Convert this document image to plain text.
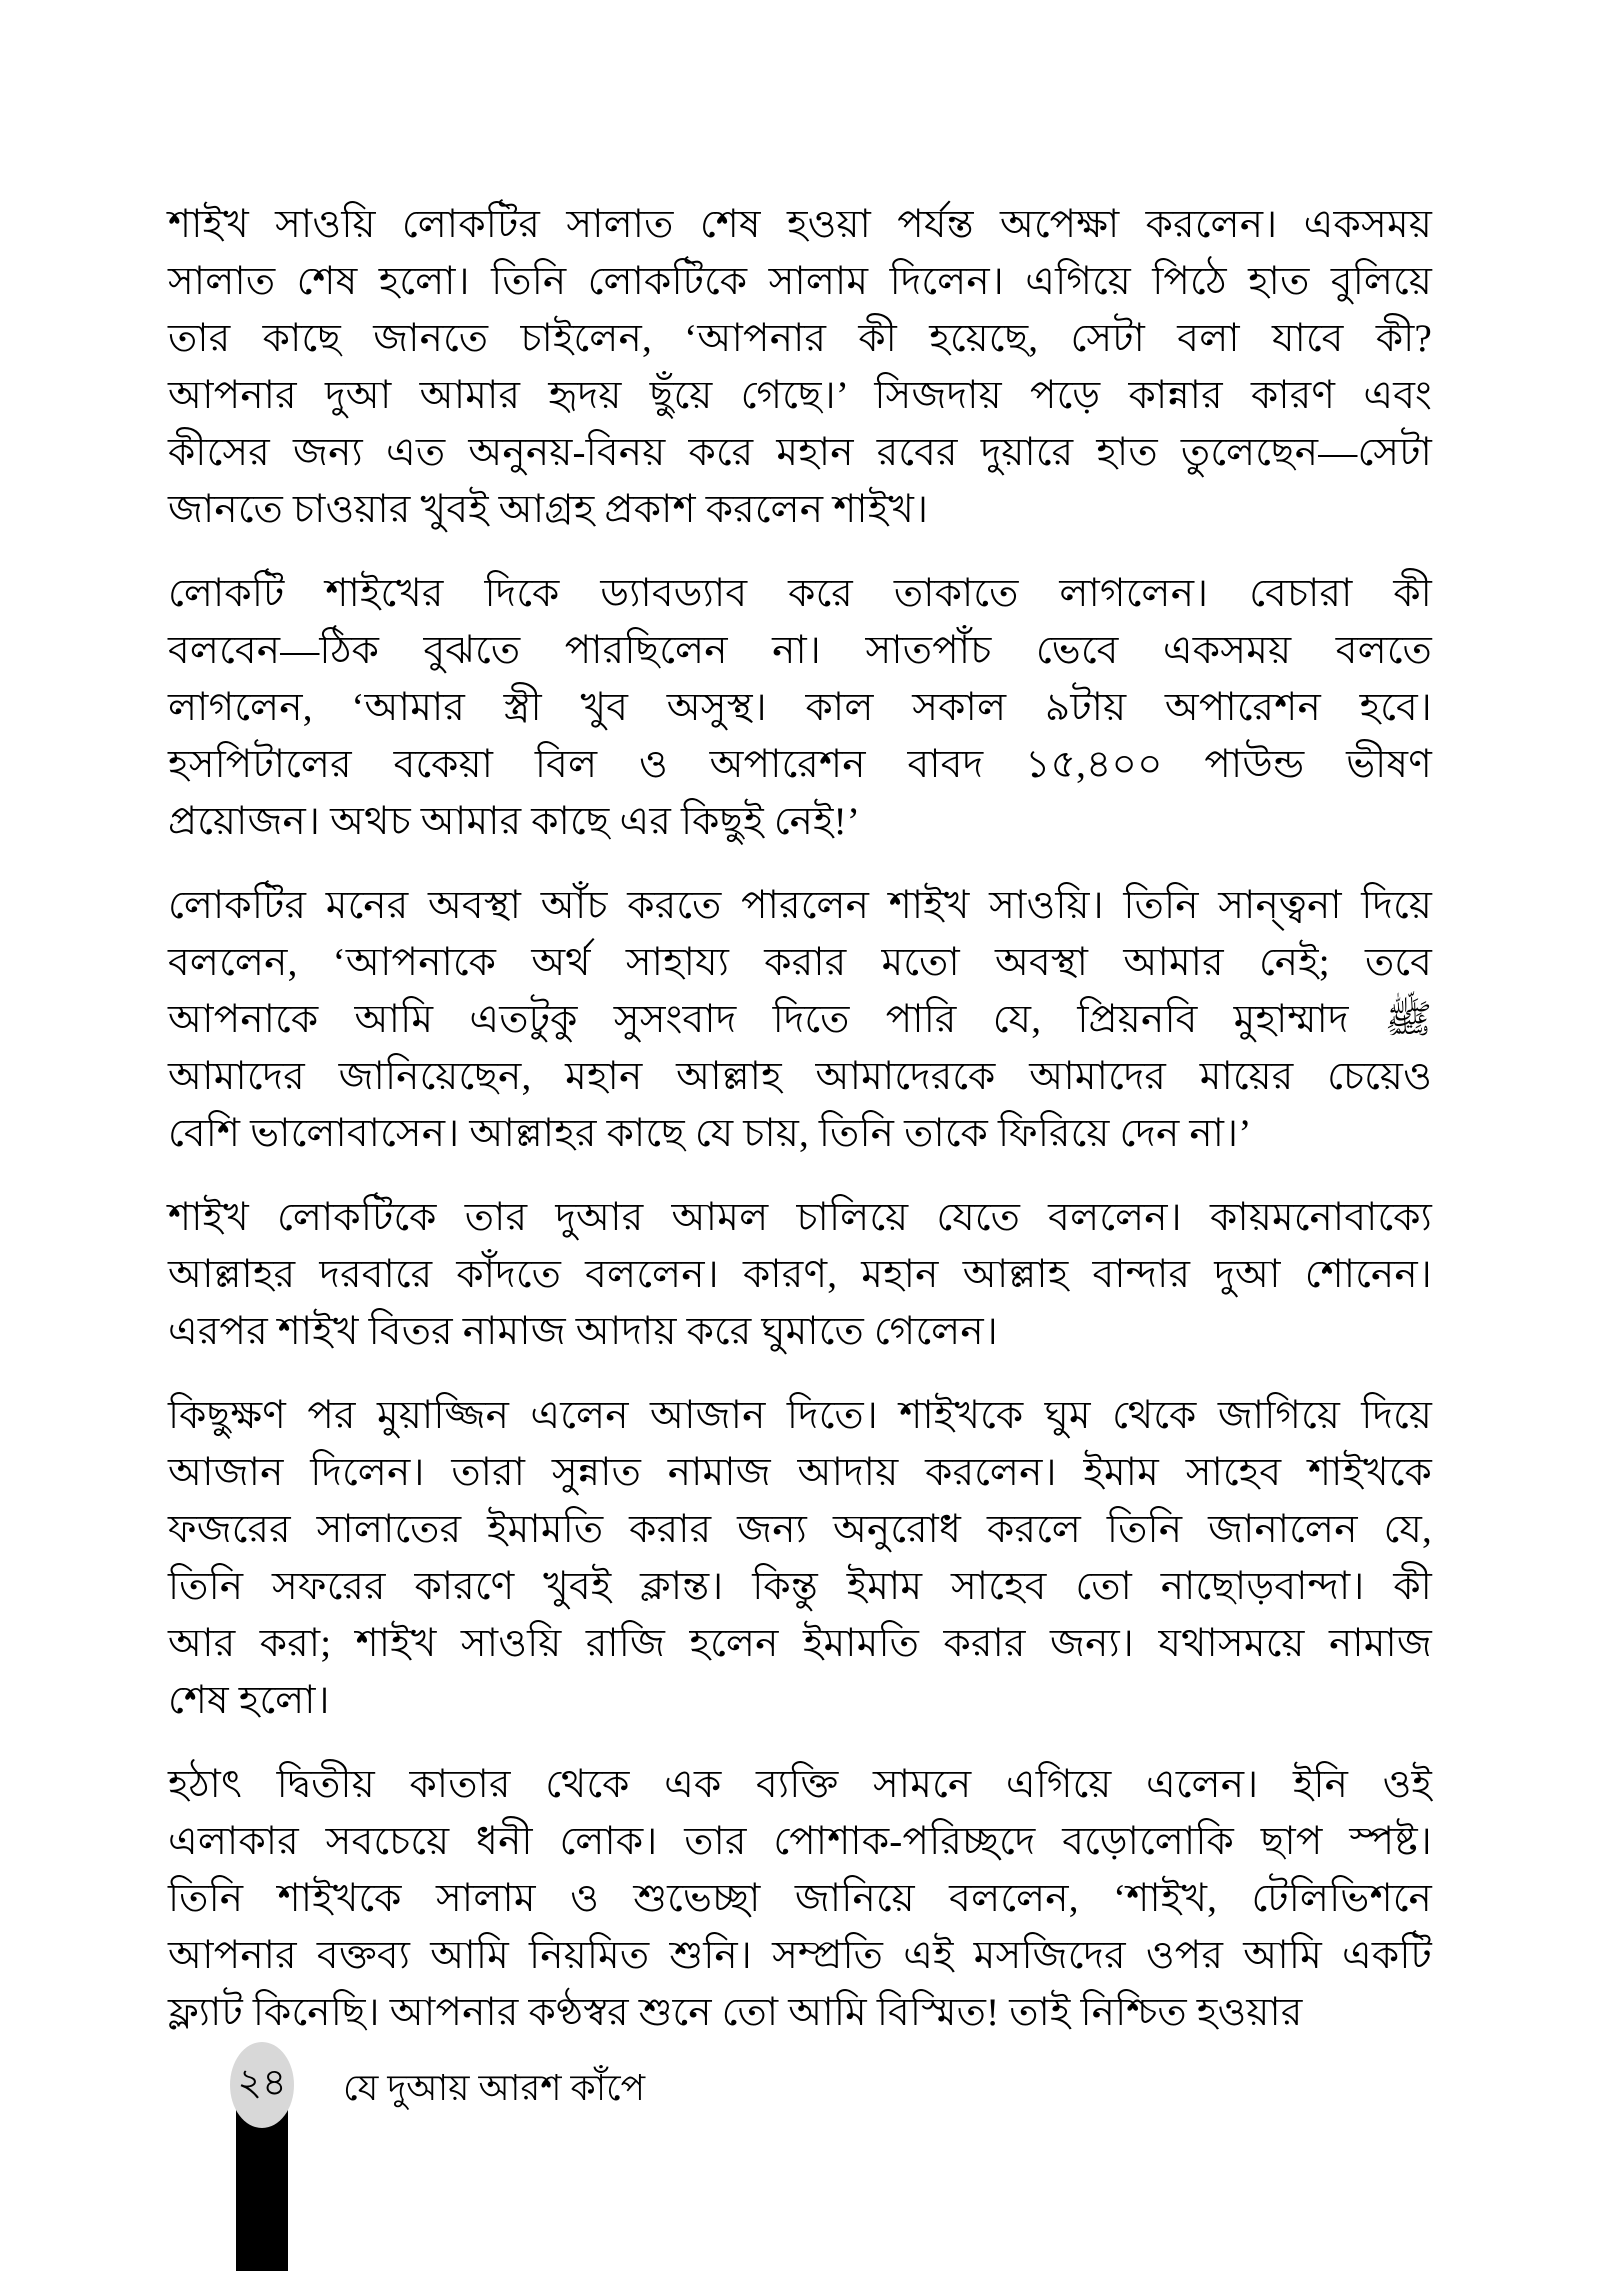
শাইখ সাওয়ি লোকটির সালাত শেষ হওয়া পর্যন্ত অপেক্ষা করলেন। একসময়
সালাত শেষ হলো। তিনি লোকটিকে সালাম দিলেন। এগিয়ে পিঠে হাত বুলিয়ে
তার কাছে জানতে চাইলেন, ‘আপনার কী হয়েছে, সেটা বলা যাবে কী?
আপনার দুআ আমার হৃদয় ছুঁয়ে গেছে।’ সিজদায় পড়ে কান্নার কারণ এবং
কীসের জন্য এত অনুনয়-বিনয় করে মহান রবের দুয়ারে হাত তুলেছেন—সেটা
জানতে চাওয়ার খুবই আগ্রহ প্রকাশ করলেন শাইখ।
লোকটি শাইখের দিকে ড্যাবড্যাব করে তাকাতে লাগলেন। বেচারা কী
বলবেন—ঠিক বুঝতে পারছিলেন না। সাতপাঁচ ভেবে একসময় বলতে
লাগলেন, ‘আমার স্ত্রী খুব অসুস্থ। কাল সকাল ৯টায় অপারেশন হবে।
হসপিটালের বকেয়া বিল ও অপারেশন বাবদ ১৫,৪০০ পাউন্ড ভীষণ
প্রয়োজন। অথচ আমার কাছে এর কিছুই নেই!’
লোকটির মনের অবস্থা আঁচ করতে পারলেন শাইখ সাওয়ি। তিনি সান্ত্বনা দিয়ে
বললেন, ‘আপনাকে অর্থ সাহায্য করার মতো অবস্থা আমার নেই; তবে
আপনাকে আমি এতটুকু সুসংবাদ দিতে পারি যে, প্রিয়নবি মুহাম্মাদ ﷺ
আমাদের জানিয়েছেন, মহান আল্লাহ আমাদেরকে আমাদের মায়ের চেয়েও
বেশি ভালোবাসেন। আল্লাহর কাছে যে চায়, তিনি তাকে ফিরিয়ে দেন না।’
শাইখ লোকটিকে তার দুআর আমল চালিয়ে যেতে বললেন। কায়মনোবাক্যে
আল্লাহর দরবারে কাঁদতে বললেন। কারণ, মহান আল্লাহ বান্দার দুআ শোনেন।
এরপর শাইখ বিতর নামাজ আদায় করে ঘুমাতে গেলেন।
কিছুক্ষণ পর মুয়াজ্জিন এলেন আজান দিতে। শাইখকে ঘুম থেকে জাগিয়ে দিয়ে
আজান দিলেন। তারা সুন্নাত নামাজ আদায় করলেন। ইমাম সাহেব শাইখকে
ফজরের সালাতের ইমামতি করার জন্য অনুরোধ করলে তিনি জানালেন যে,
তিনি সফরের কারণে খুবই ক্লান্ত। কিন্তু ইমাম সাহেব তো নাছোড়বান্দা। কী
আর করা; শাইখ সাওয়ি রাজি হলেন ইমামতি করার জন্য। যথাসময়ে নামাজ
শেষ হলো।
হঠাৎ দ্বিতীয় কাতার থেকে এক ব্যক্তি সামনে এগিয়ে এলেন। ইনি ওই
এলাকার সবচেয়ে ধনী লোক। তার পোশাক-পরিচ্ছদে বড়োলোকি ছাপ স্পষ্ট।
তিনি শাইখকে সালাম ও শুভেচ্ছা জানিয়ে বললেন, ‘শাইখ, টেলিভিশনে
আপনার বক্তব্য আমি নিয়মিত শুনি। সম্প্রতি এই মসজিদের ওপর আমি একটি
ফ্ল্যাট কিনেছি। আপনার কণ্ঠস্বর শুনে তো আমি বিস্মিত! তাই নিশ্চিত হওয়ার
২৪ যে দুআয় আরশ কাঁপে
